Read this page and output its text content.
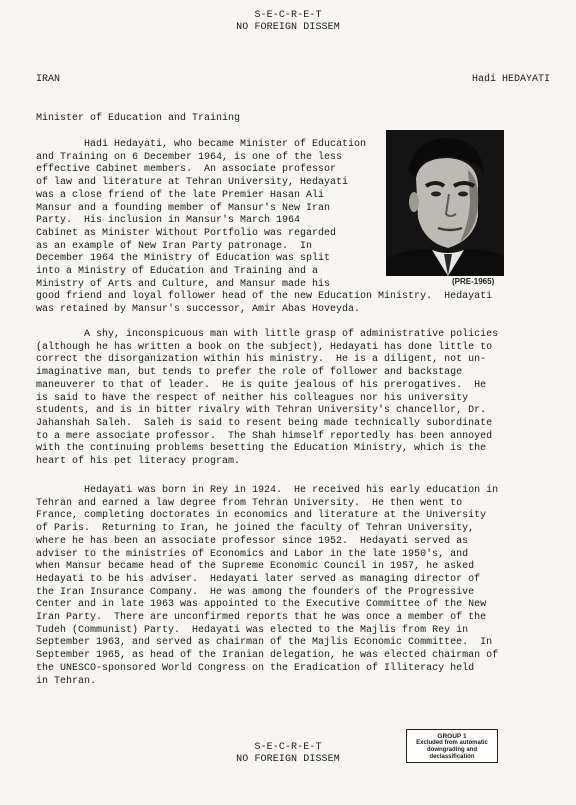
S-E-C-R-E-T
NO FOREIGN DISSEM
IRAN	Hadi HEDAYATI
Minister of Education and Training
(PRE-1965)
Hadi Hedayati, who became Minister of Education
and Training on 6 December 1964, is one of the less
effective Cabinet members.  An associate professor
of law and literature at Tehran University, Hedayati
was a close friend of the late Premier Hasan Ali
Mansur and a founding member of Mansur's New Iran
Party.  His inclusion in Mansur's March 1964
Cabinet as Minister Without Portfolio was regarded
as an example of New Iran Party patronage.  In
December 1964 the Ministry of Education was split
into a Ministry of Education and Training and a
Ministry of Arts and Culture, and Mansur made his
good friend and loyal follower head of the new Education Ministry.  Hedayati
was retained by Mansur's successor, Amir Abas Hoveyda.
A shy, inconspicuous man with little grasp of administrative policies
(although he has written a book on the subject), Hedayati has done little to
correct the disorganization within his ministry.  He is a diligent, not un-
imaginative man, but tends to prefer the role of follower and backstage
maneuverer to that of leader.  He is quite jealous of his prerogatives.  He
is said to have the respect of neither his colleagues nor his university
students, and is in bitter rivalry with Tehran University's chancellor, Dr.
Jahanshah Saleh.  Saleh is said to resent being made technically subordinate
to a mere associate professor.  The Shah himself reportedly has been annoyed
with the continuing problems besetting the Education Ministry, which is the
heart of his pet literacy program.
Hedayati was born in Rey in 1924.  He received his early education in
Tehran and earned a law degree from Tehran University.  He then went to
France, completing doctorates in economics and literature at the University
of Paris.  Returning to Iran, he joined the faculty of Tehran University,
where he has been an associate professor since 1952.  Hedayati served as
adviser to the ministries of Economics and Labor in the late 1950's, and
when Mansur became head of the Supreme Economic Council in 1957, he asked
Hedayati to be his adviser.  Hedayati later served as managing director of
the Iran Insurance Company.  He was among the founders of the Progressive
Center and in late 1963 was appointed to the Executive Committee of the New
Iran Party.  There are unconfirmed reports that he was once a member of the
Tudeh (Communist) Party.  Hedayati was elected to the Majlis from Rey in
September 1963, and served as chairman of the Majlis Economic Committee.  In
September 1965, as head of the Iranian delegation, he was elected chairman of
the UNESCO-sponsored World Congress on the Eradication of Illiteracy held
in Tehran.
S-E-C-R-E-T
NO FOREIGN DISSEM
GROUP 1
Excluded from automatic
downgrading and
declassification
